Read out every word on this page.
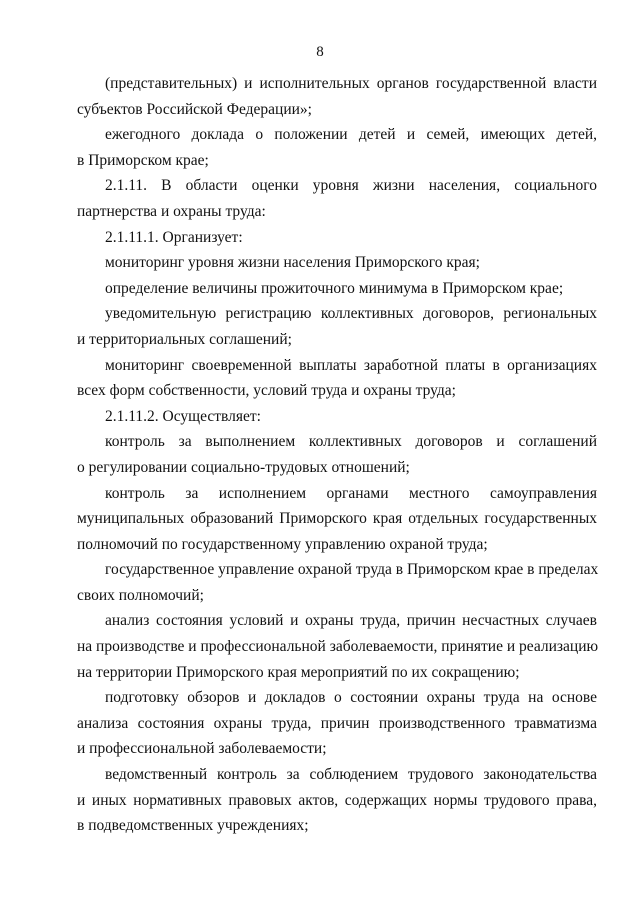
8
(представительных) и исполнительных органов государственной власти
субъектов Российской Федерации»;
ежегодного доклада о положении детей и семей, имеющих детей,
в Приморском крае;
2.1.11. В области оценки уровня жизни населения, социального
партнерства и охраны труда:
2.1.11.1. Организует:
мониторинг уровня жизни населения Приморского края;
определение величины прожиточного минимума в Приморском крае;
уведомительную регистрацию коллективных договоров, региональных
и территориальных соглашений;
мониторинг своевременной выплаты заработной платы в организациях
всех форм собственности, условий труда и охраны труда;
2.1.11.2. Осуществляет:
контроль за выполнением коллективных договоров и соглашений
о регулировании социально-трудовых отношений;
контроль за исполнением органами местного самоуправления
муниципальных образований Приморского края отдельных государственных
полномочий по государственному управлению охраной труда;
государственное управление охраной труда в Приморском крае в пределах
своих полномочий;
анализ состояния условий и охраны труда, причин несчастных случаев
на производстве и профессиональной заболеваемости, принятие и реализацию
на территории Приморского края мероприятий по их сокращению;
подготовку обзоров и докладов о состоянии охраны труда на основе
анализа состояния охраны труда, причин производственного травматизма
и профессиональной заболеваемости;
ведомственный контроль за соблюдением трудового законодательства
и иных нормативных правовых актов, содержащих нормы трудового права,
в подведомственных учреждениях;
